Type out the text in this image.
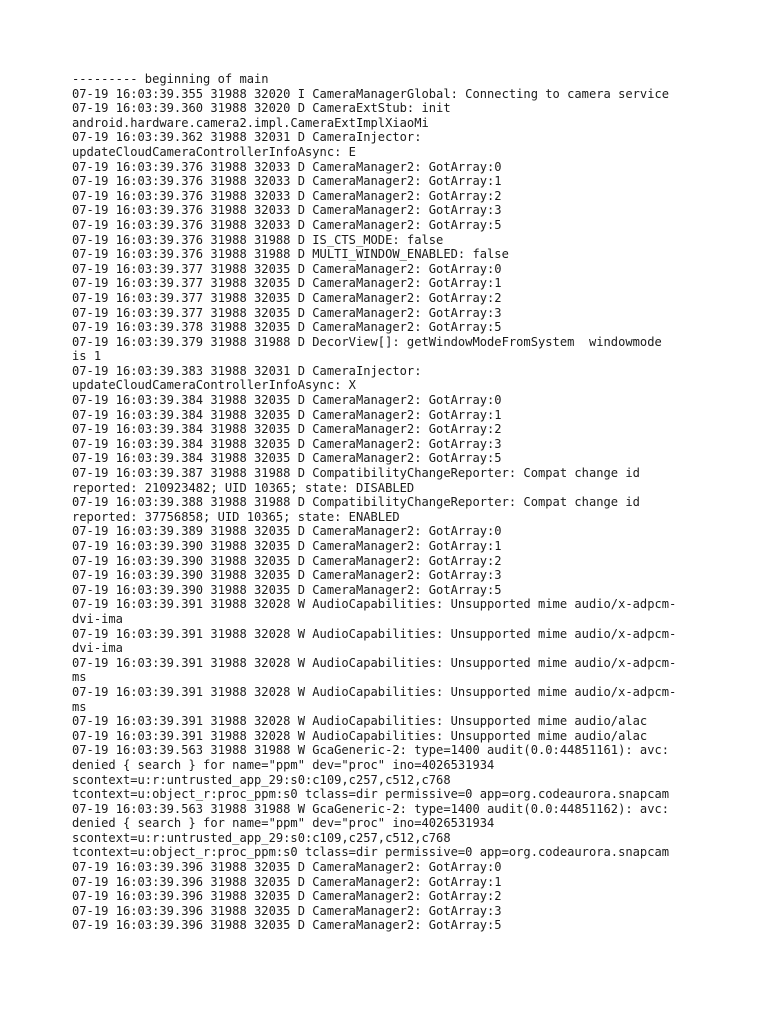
--------- beginning of main
07-19 16:03:39.355 31988 32020 I CameraManagerGlobal: Connecting to camera service
07-19 16:03:39.360 31988 32020 D CameraExtStub: init
android.hardware.camera2.impl.CameraExtImplXiaoMi
07-19 16:03:39.362 31988 32031 D CameraInjector:
updateCloudCameraControllerInfoAsync: E
07-19 16:03:39.376 31988 32033 D CameraManager2: GotArray:0
07-19 16:03:39.376 31988 32033 D CameraManager2: GotArray:1
07-19 16:03:39.376 31988 32033 D CameraManager2: GotArray:2
07-19 16:03:39.376 31988 32033 D CameraManager2: GotArray:3
07-19 16:03:39.376 31988 32033 D CameraManager2: GotArray:5
07-19 16:03:39.376 31988 31988 D IS_CTS_MODE: false
07-19 16:03:39.376 31988 31988 D MULTI_WINDOW_ENABLED: false
07-19 16:03:39.377 31988 32035 D CameraManager2: GotArray:0
07-19 16:03:39.377 31988 32035 D CameraManager2: GotArray:1
07-19 16:03:39.377 31988 32035 D CameraManager2: GotArray:2
07-19 16:03:39.377 31988 32035 D CameraManager2: GotArray:3
07-19 16:03:39.378 31988 32035 D CameraManager2: GotArray:5
07-19 16:03:39.379 31988 31988 D DecorView[]: getWindowModeFromSystem  windowmode
is 1
07-19 16:03:39.383 31988 32031 D CameraInjector:
updateCloudCameraControllerInfoAsync: X
07-19 16:03:39.384 31988 32035 D CameraManager2: GotArray:0
07-19 16:03:39.384 31988 32035 D CameraManager2: GotArray:1
07-19 16:03:39.384 31988 32035 D CameraManager2: GotArray:2
07-19 16:03:39.384 31988 32035 D CameraManager2: GotArray:3
07-19 16:03:39.384 31988 32035 D CameraManager2: GotArray:5
07-19 16:03:39.387 31988 31988 D CompatibilityChangeReporter: Compat change id
reported: 210923482; UID 10365; state: DISABLED
07-19 16:03:39.388 31988 31988 D CompatibilityChangeReporter: Compat change id
reported: 37756858; UID 10365; state: ENABLED
07-19 16:03:39.389 31988 32035 D CameraManager2: GotArray:0
07-19 16:03:39.390 31988 32035 D CameraManager2: GotArray:1
07-19 16:03:39.390 31988 32035 D CameraManager2: GotArray:2
07-19 16:03:39.390 31988 32035 D CameraManager2: GotArray:3
07-19 16:03:39.390 31988 32035 D CameraManager2: GotArray:5
07-19 16:03:39.391 31988 32028 W AudioCapabilities: Unsupported mime audio/x-adpcm-
dvi-ima
07-19 16:03:39.391 31988 32028 W AudioCapabilities: Unsupported mime audio/x-adpcm-
dvi-ima
07-19 16:03:39.391 31988 32028 W AudioCapabilities: Unsupported mime audio/x-adpcm-
ms
07-19 16:03:39.391 31988 32028 W AudioCapabilities: Unsupported mime audio/x-adpcm-
ms
07-19 16:03:39.391 31988 32028 W AudioCapabilities: Unsupported mime audio/alac
07-19 16:03:39.391 31988 32028 W AudioCapabilities: Unsupported mime audio/alac
07-19 16:03:39.563 31988 31988 W GcaGeneric-2: type=1400 audit(0.0:44851161): avc:
denied { search } for name="ppm" dev="proc" ino=4026531934
scontext=u:r:untrusted_app_29:s0:c109,c257,c512,c768
tcontext=u:object_r:proc_ppm:s0 tclass=dir permissive=0 app=org.codeaurora.snapcam
07-19 16:03:39.563 31988 31988 W GcaGeneric-2: type=1400 audit(0.0:44851162): avc:
denied { search } for name="ppm" dev="proc" ino=4026531934
scontext=u:r:untrusted_app_29:s0:c109,c257,c512,c768
tcontext=u:object_r:proc_ppm:s0 tclass=dir permissive=0 app=org.codeaurora.snapcam
07-19 16:03:39.396 31988 32035 D CameraManager2: GotArray:0
07-19 16:03:39.396 31988 32035 D CameraManager2: GotArray:1
07-19 16:03:39.396 31988 32035 D CameraManager2: GotArray:2
07-19 16:03:39.396 31988 32035 D CameraManager2: GotArray:3
07-19 16:03:39.396 31988 32035 D CameraManager2: GotArray:5
